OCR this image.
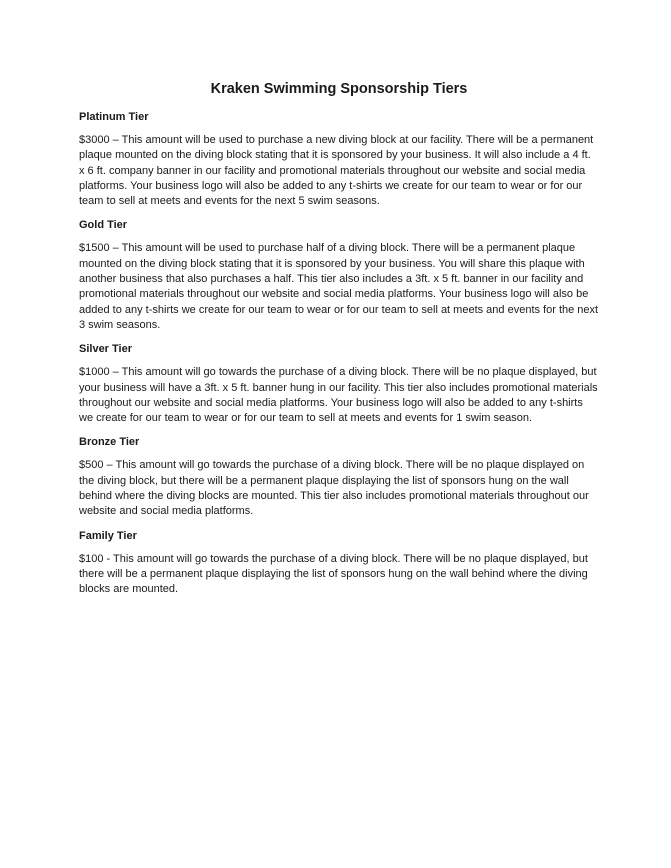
Kraken Swimming Sponsorship Tiers
Platinum Tier

$3000 – This amount will be used to purchase a new diving block at our facility. There will be a permanent plaque mounted on the diving block stating that it is sponsored by your business. It will also include a 4 ft. x 6 ft. company banner in our facility and promotional materials throughout our website and social media platforms. Your business logo will also be added to any t-shirts we create for our team to wear or for our team to sell at meets and events for the next 5 swim seasons.

Gold Tier

$1500 – This amount will be used to purchase half of a diving block. There will be a permanent plaque mounted on the diving block stating that it is sponsored by your business. You will share this plaque with another business that also purchases a half. This tier also includes a 3ft. x 5 ft. banner in our facility and promotional materials throughout our website and social media platforms. Your business logo will also be added to any t-shirts we create for our team to wear or for our team to sell at meets and events for the next 3 swim seasons.

Silver Tier

$1000 – This amount will go towards the purchase of a diving block. There will be no plaque displayed, but your business will have a 3ft. x 5 ft. banner hung in our facility. This tier also includes promotional materials throughout our website and social media platforms. Your business logo will also be added to any t-shirts we create for our team to wear or for our team to sell at meets and events for 1 swim season.

Bronze Tier

$500 – This amount will go towards the purchase of a diving block. There will be no plaque displayed on the diving block, but there will be a permanent plaque displaying the list of sponsors hung on the wall behind where the diving blocks are mounted. This tier also includes promotional materials throughout our website and social media platforms.

Family Tier

$100 - This amount will go towards the purchase of a diving block. There will be no plaque displayed, but there will be a permanent plaque displaying the list of sponsors hung on the wall behind where the diving blocks are mounted.
